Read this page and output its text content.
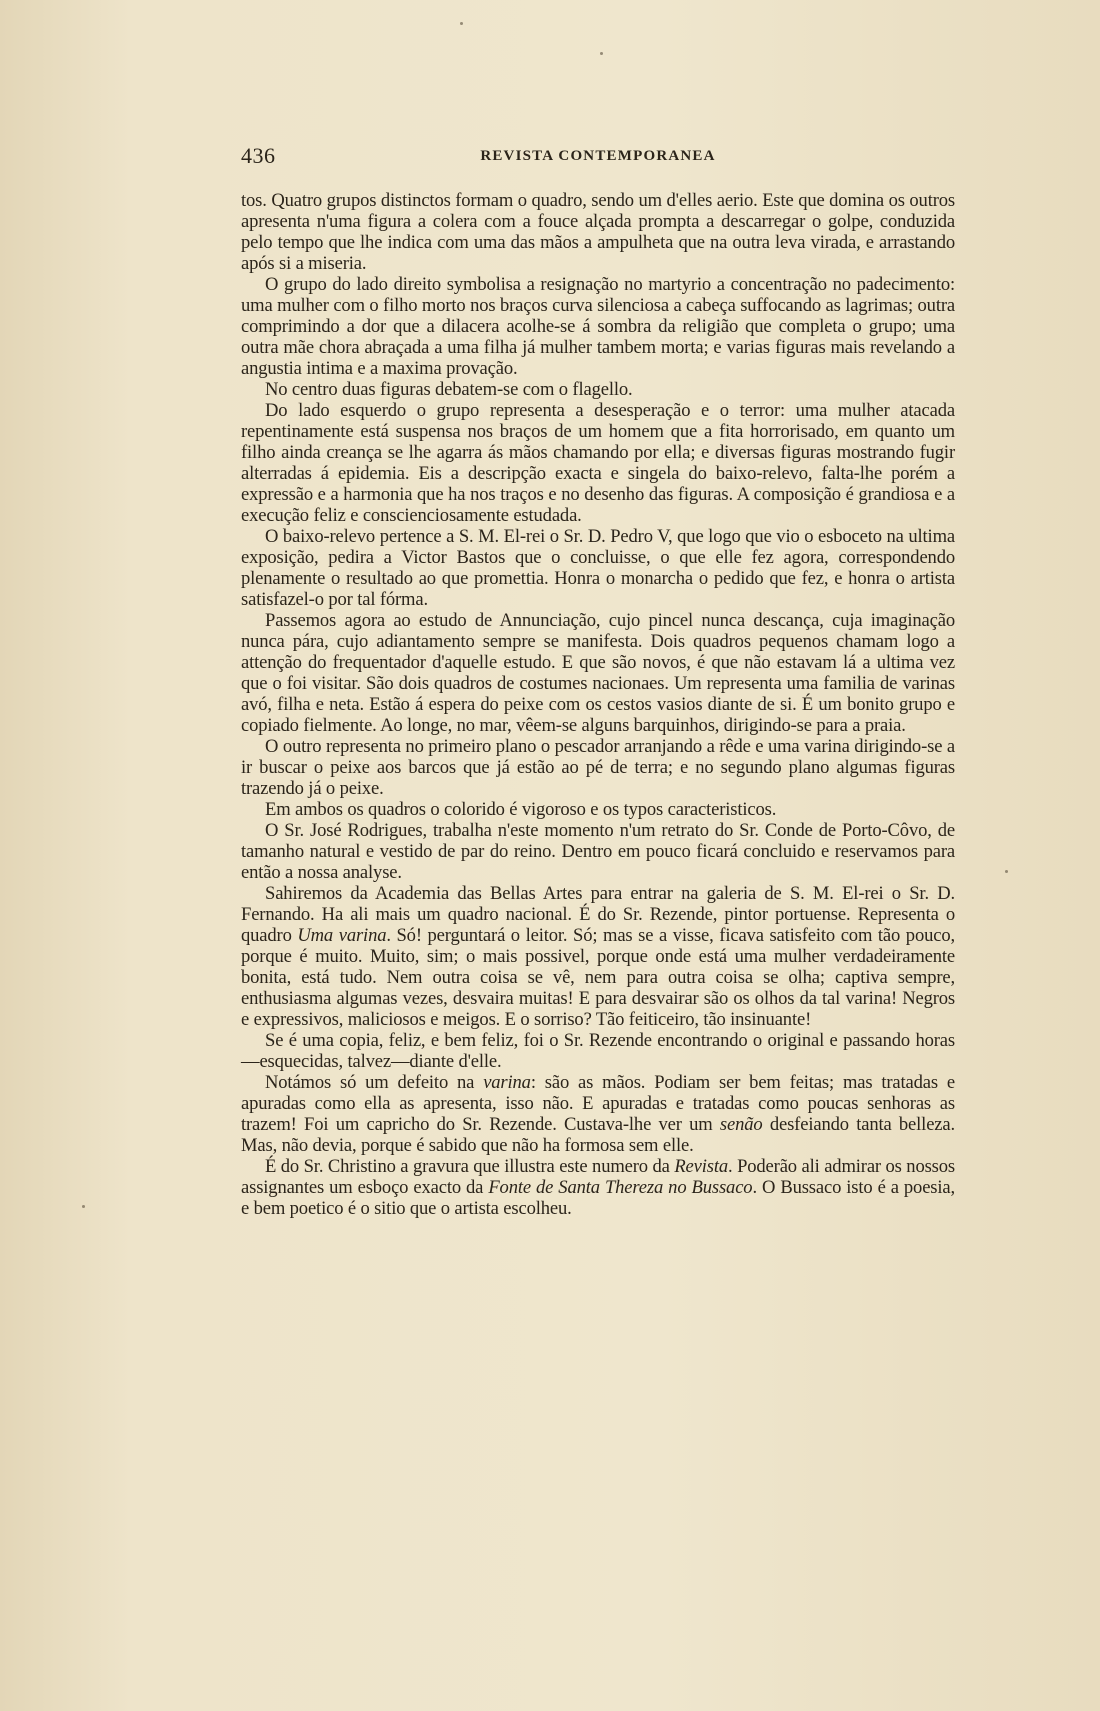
436	REVISTA CONTEMPORANEA

tos. Quatro grupos distinctos formam o quadro, sendo um d'elles aerio. Este que domina os outros apresenta n'uma figura a colera com a fouce alçada prompta a descarregar o golpe, conduzida pelo tempo que lhe indica com uma das mãos a ampulheta que na outra leva virada, e arrastando após si a miseria.

O grupo do lado direito symbolisa a resignação no martyrio a concentração no padecimento: uma mulher com o filho morto nos braços curva silenciosa a cabeça suffocando as lagrimas; outra comprimindo a dor que a dilacera acolhe-se á sombra da religião que completa o grupo; uma outra mãe chora abraçada a uma filha já mulher tambem morta; e varias figuras mais revelando a angustia intima e a maxima provação.

No centro duas figuras debatem-se com o flagello.

Do lado esquerdo o grupo representa a desesperação e o terror: uma mulher atacada repentinamente está suspensa nos braços de um homem que a fita horrorisado, em quanto um filho ainda creança se lhe agarra ás mãos chamando por ella; e diversas figuras mostrando fugir alterradas á epidemia. Eis a descripção exacta e singela do baixo-relevo, falta-lhe porém a expressão e a harmonia que ha nos traços e no desenho das figuras. A composição é grandiosa e a execução feliz e conscienciosamente estudada.

O baixo-relevo pertence a S. M. El-rei o Sr. D. Pedro V, que logo que vio o esboceto na ultima exposição, pedira a Victor Bastos que o concluisse, o que elle fez agora, correspondendo plenamente o resultado ao que promettia. Honra o monarcha o pedido que fez, e honra o artista satisfazel-o por tal fórma.

Passemos agora ao estudo de Annunciação, cujo pincel nunca descança, cuja imaginação nunca pára, cujo adiantamento sempre se manifesta. Dois quadros pequenos chamam logo a attenção do frequentador d'aquelle estudo. E que são novos, é que não estavam lá a ultima vez que o foi visitar. São dois quadros de costumes nacionaes. Um representa uma familia de varinas avó, filha e neta. Estão á espera do peixe com os cestos vasios diante de si. É um bonito grupo e copiado fielmente. Ao longe, no mar, vêem-se alguns barquinhos, dirigindo-se para a praia.

O outro representa no primeiro plano o pescador arranjando a rêde e uma varina dirigindo-se a ir buscar o peixe aos barcos que já estão ao pé de terra; e no segundo plano algumas figuras trazendo já o peixe.

Em ambos os quadros o colorido é vigoroso e os typos caracteristicos.

O Sr. José Rodrigues, trabalha n'este momento n'um retrato do Sr. Conde de Porto-Côvo, de tamanho natural e vestido de par do reino. Dentro em pouco ficará concluido e reservamos para então a nossa analyse.

Sahiremos da Academia das Bellas Artes para entrar na galeria de S. M. El-rei o Sr. D. Fernando. Ha ali mais um quadro nacional. É do Sr. Rezende, pintor portuense. Representa o quadro Uma varina. Só! perguntará o leitor. Só; mas se a visse, ficava satisfeito com tão pouco, porque é muito. Muito, sim; o mais possivel, porque onde está uma mulher verdadeiramente bonita, está tudo. Nem outra coisa se vê, nem para outra coisa se olha; captiva sempre, enthusiasma algumas vezes, desvaira muitas! E para desvairar são os olhos da tal varina! Negros e expressivos, maliciosos e meigos. E o sorriso? Tão feiticeiro, tão insinuante!

Se é uma copia, feliz, e bem feliz, foi o Sr. Rezende encontrando o original e passando horas—esquecidas, talvez—diante d'elle.

Notámos só um defeito na varina: são as mãos. Podiam ser bem feitas; mas tratadas e apuradas como ella as apresenta, isso não. E apuradas e tratadas como poucas senhoras as trazem! Foi um capricho do Sr. Rezende. Custava-lhe ver um senão desfeiando tanta belleza. Mas, não devia, porque é sabido que não ha formosa sem elle.

É do Sr. Christino a gravura que illustra este numero da Revista. Poderão ali admirar os nossos assignantes um esboço exacto da Fonte de Santa Thereza no Bussaco. O Bussaco isto é a poesia, e bem poetico é o sitio que o artista escolheu.
